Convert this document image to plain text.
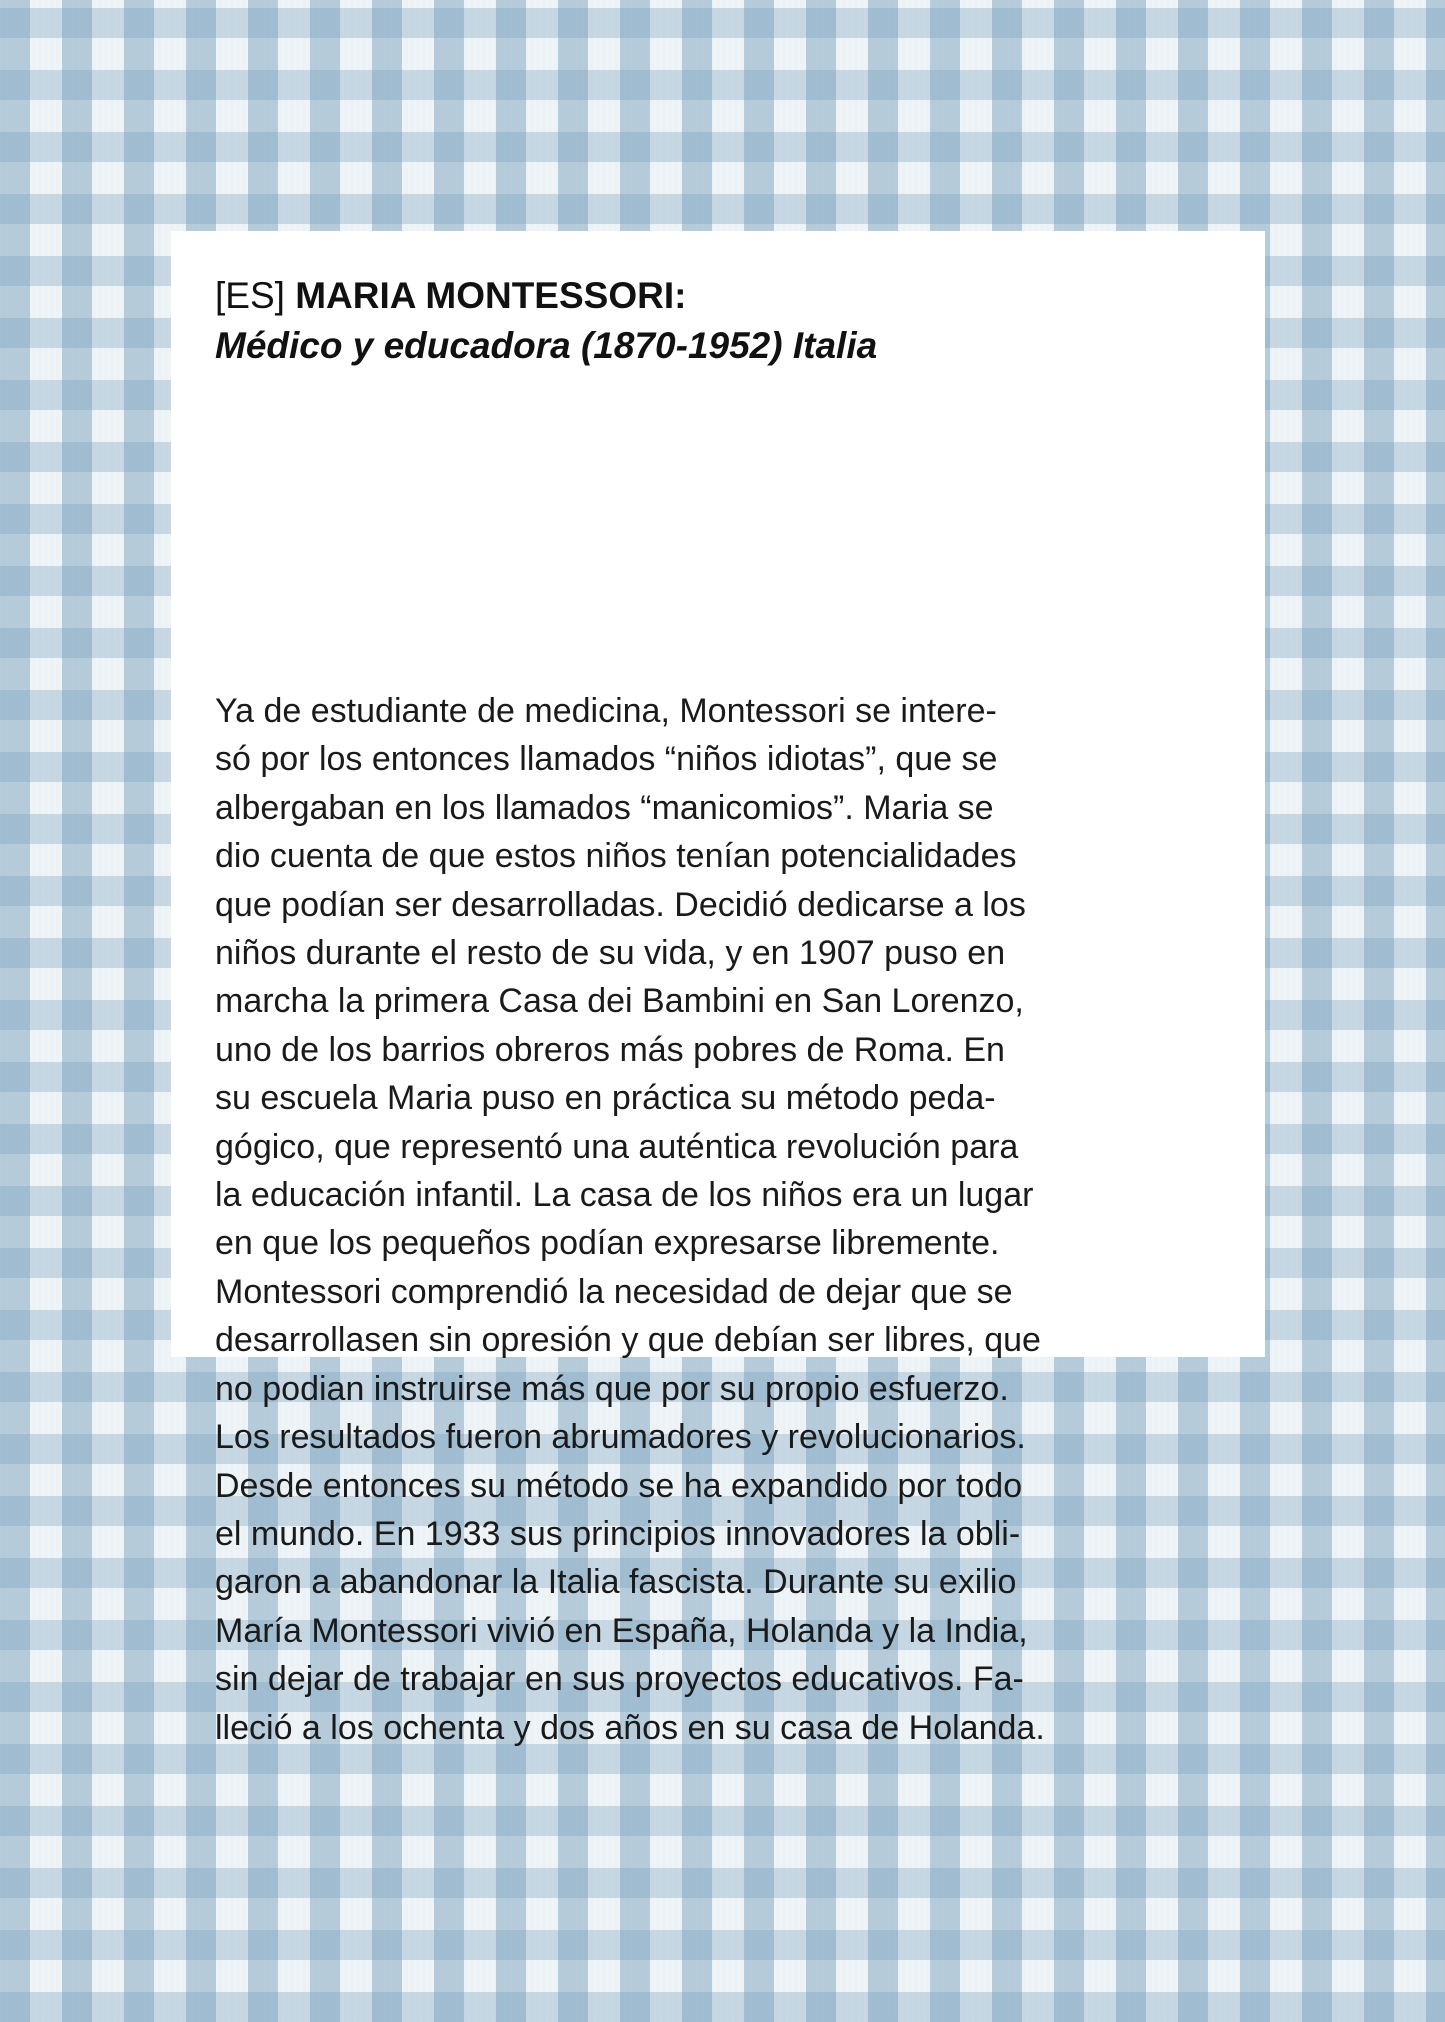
[ES] MARIA MONTESSORI:

Médico y educadora (1870-1952) Italia

Ya de estudiante de medicina, Montessori se intere-
só por los entonces llamados “niños idiotas”, que se
albergaban en los llamados “manicomios”. Maria se
dio cuenta de que estos niños tenían potencialidades
que podían ser desarrolladas. Decidió dedicarse a los
niños durante el resto de su vida, y en 1907 puso en
marcha la primera Casa dei Bambini en San Lorenzo,
uno de los barrios obreros más pobres de Roma. En
su escuela Maria puso en práctica su método peda-
gógico, que representó una auténtica revolución para
la educación infantil. La casa de los niños era un lugar
en que los pequeños podían expresarse libremente.
Montessori comprendió la necesidad de dejar que se
desarrollasen sin opresión y que debían ser libres, que
no podian instruirse más que por su propio esfuerzo.
Los resultados fueron abrumadores y revolucionarios.
Desde entonces su método se ha expandido por todo
el mundo. En 1933 sus principios innovadores la obli-
garon a abandonar la Italia fascista. Durante su exilio
María Montessori vivió en España, Holanda y la India,
sin dejar de trabajar en sus proyectos educativos. Fa-
lleció a los ochenta y dos años en su casa de Holanda.
